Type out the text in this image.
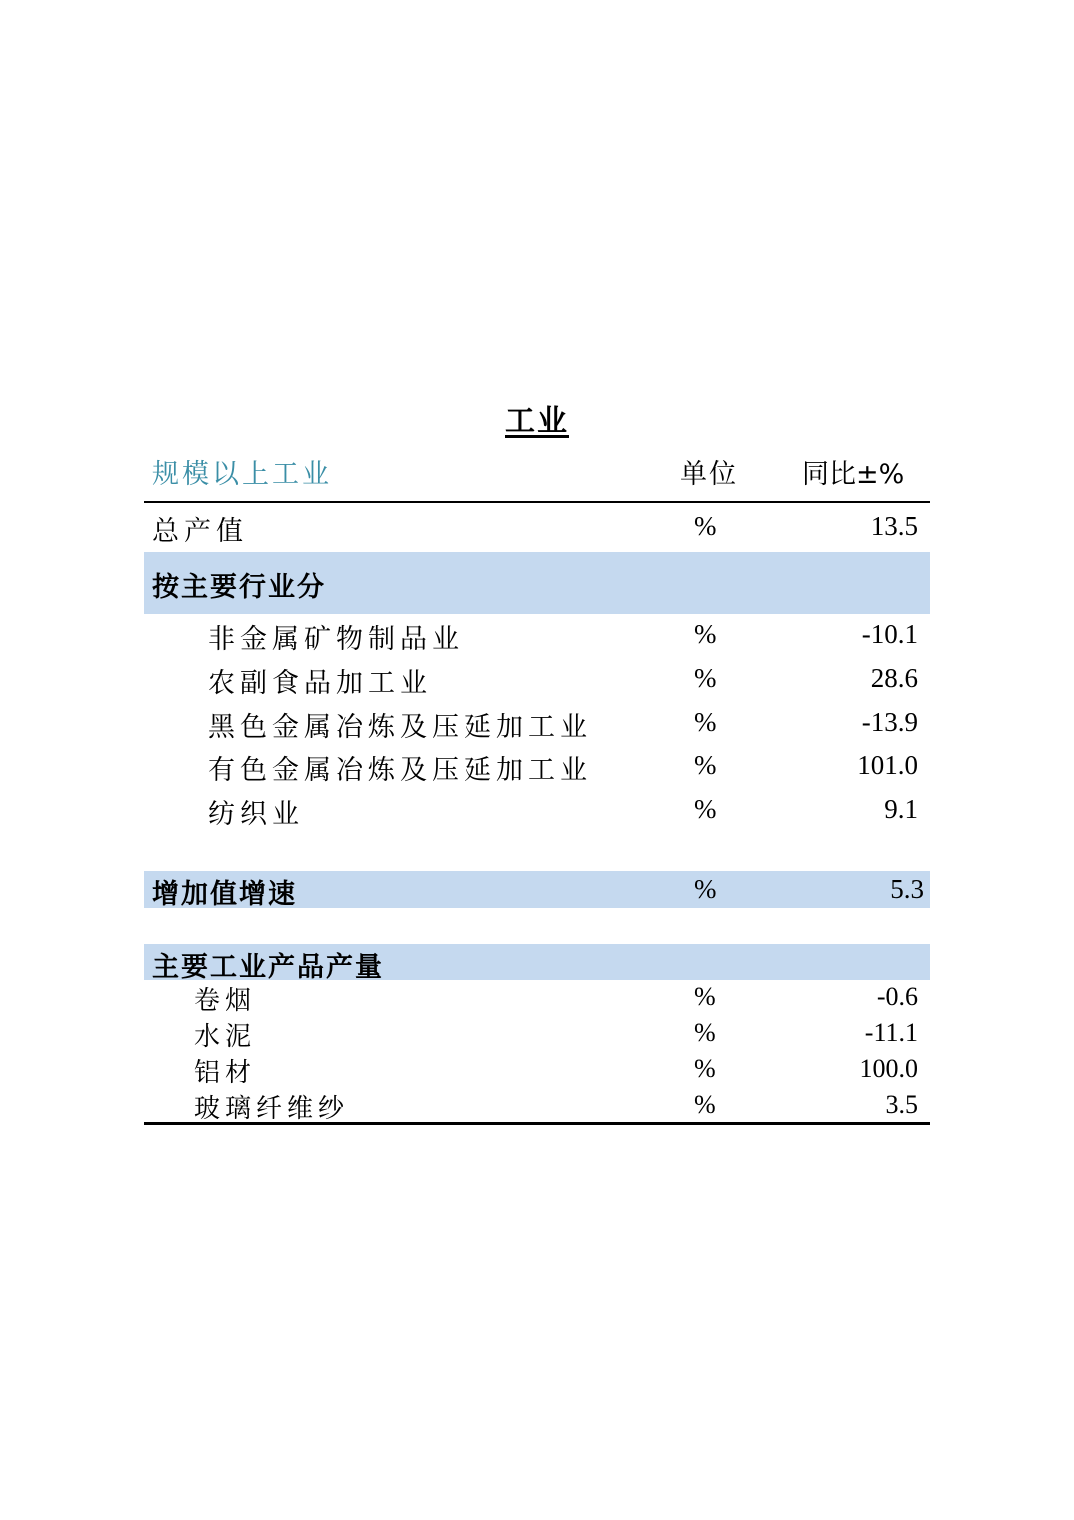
工业
规模以上工业	单位 同比±%
总产值	%	13.5
按主要行业分
非金属矿物制品业	%	-10.1
农副食品加工业	%	28.6
黑色金属冶炼及压延加工业	%	-13.9
有色金属冶炼及压延加工业	%	101.0
纺织业	%	9.1
增加值增速	%	5.3
主要工业产品产量
卷烟	%	-0.6
水泥	%	-11.1
铝材	%	100.0
玻璃纤维纱	%	3.5
